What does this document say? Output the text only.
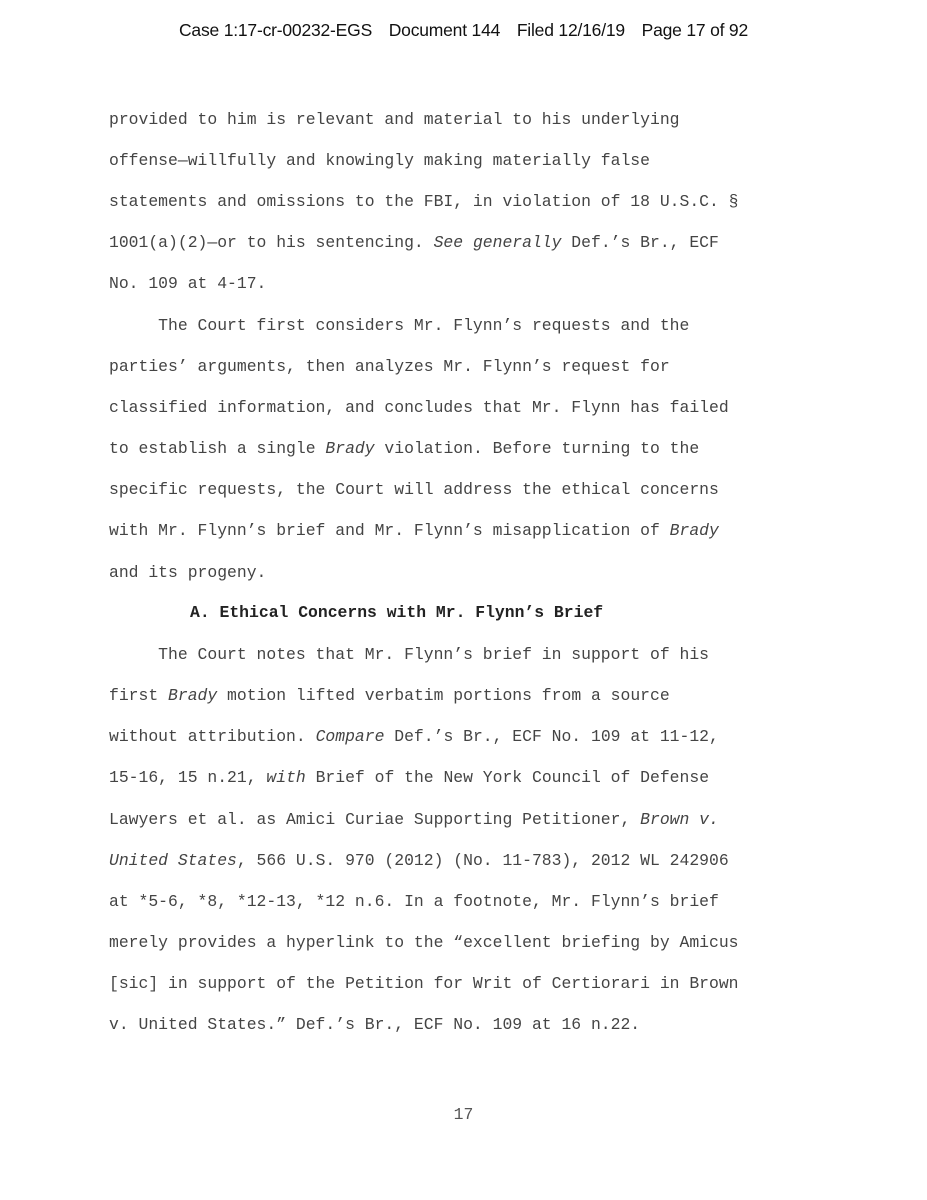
Case 1:17-cr-00232-EGS Document 144 Filed 12/16/19 Page 17 of 92
A. Ethical Concerns with Mr. Flynn’s Brief
provided to him is relevant and material to his underlying
offense—willfully and knowingly making materially false
statements and omissions to the FBI, in violation of 18 U.S.C. §
1001(a)(2)—or to his sentencing. See generally Def.’s Br., ECF
No. 109 at 4-17.
The Court first considers Mr. Flynn’s requests and the
parties’ arguments, then analyzes Mr. Flynn’s request for
classified information, and concludes that Mr. Flynn has failed
to establish a single Brady violation. Before turning to the
specific requests, the Court will address the ethical concerns
with Mr. Flynn’s brief and Mr. Flynn’s misapplication of Brady
and its progeny.
The Court notes that Mr. Flynn’s brief in support of his
first Brady motion lifted verbatim portions from a source
without attribution. Compare Def.’s Br., ECF No. 109 at 11-12,
15-16, 15 n.21, with Brief of the New York Council of Defense
Lawyers et al. as Amici Curiae Supporting Petitioner, Brown v.
United States, 566 U.S. 970 (2012) (No. 11-783), 2012 WL 242906
at *5-6, *8, *12-13, *12 n.6. In a footnote, Mr. Flynn’s brief
merely provides a hyperlink to the “excellent briefing by Amicus
[sic] in support of the Petition for Writ of Certiorari in Brown
v. United States.” Def.’s Br., ECF No. 109 at 16 n.22.
17
